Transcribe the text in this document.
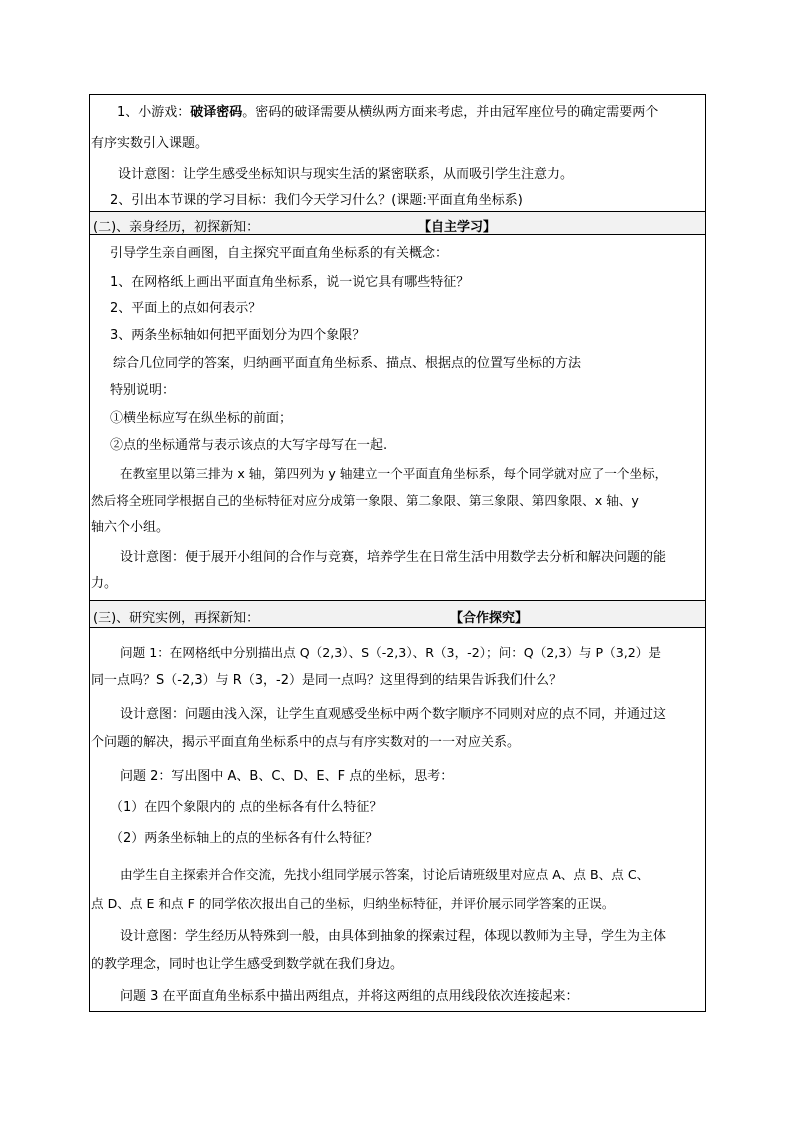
1、小游戏：破译密码。密码的破译需要从横纵两方面来考虑，并由冠军座位号的确定需要两个
有序实数引入课题。
设计意图：让学生感受坐标知识与现实生活的紧密联系，从而吸引学生注意力。
2、引出本节课的学习目标：我们今天学习什么？(课题:平面直角坐标系)
(二)、亲身经历，初探新知：	【自主学习】
引导学生亲自画图，自主探究平面直角坐标系的有关概念：
1、在网格纸上画出平面直角坐标系，说一说它具有哪些特征？
2、平面上的点如何表示？
3、两条坐标轴如何把平面划分为四个象限？
综合几位同学的答案，归纳画平面直角坐标系、描点、根据点的位置写坐标的方法
特别说明：
①横坐标应写在纵坐标的前面；
②点的坐标通常与表示该点的大写字母写在一起.
在教室里以第三排为 x 轴，第四列为 y 轴建立一个平面直角坐标系，每个同学就对应了一个坐标，
然后将全班同学根据自己的坐标特征对应分成第一象限、第二象限、第三象限、第四象限、x 轴、y
轴六个小组。
设计意图：便于展开小组间的合作与竞赛，培养学生在日常生活中用数学去分析和解决问题的能
力。
(三)、研究实例，再探新知：	【合作探究】
问题 1：在网格纸中分别描出点 Q（2,3）、S（-2,3）、R（3，-2）；问：Q（2,3）与 P（3,2）是
同一点吗？S（-2,3）与 R（3，-2）是同一点吗？这里得到的结果告诉我们什么？
设计意图：问题由浅入深，让学生直观感受坐标中两个数字顺序不同则对应的点不同，并通过这
个问题的解决，揭示平面直角坐标系中的点与有序实数对的一一对应关系。
问题 2：写出图中 A、B、C、D、E、F 点的坐标，思考：
（1）在四个象限内的 点的坐标各有什么特征？
（2）两条坐标轴上的点的坐标各有什么特征？
由学生自主探索并合作交流，先找小组同学展示答案，讨论后请班级里对应点 A、点 B、点 C、
点 D、点 E 和点 F 的同学依次报出自己的坐标，归纳坐标特征，并评价展示同学答案的正误。
设计意图：学生经历从特殊到一般，由具体到抽象的探索过程，体现以教师为主导，学生为主体
的教学理念，同时也让学生感受到数学就在我们身边。
问题 3 在平面直角坐标系中描出两组点，并将这两组的点用线段依次连接起来：
